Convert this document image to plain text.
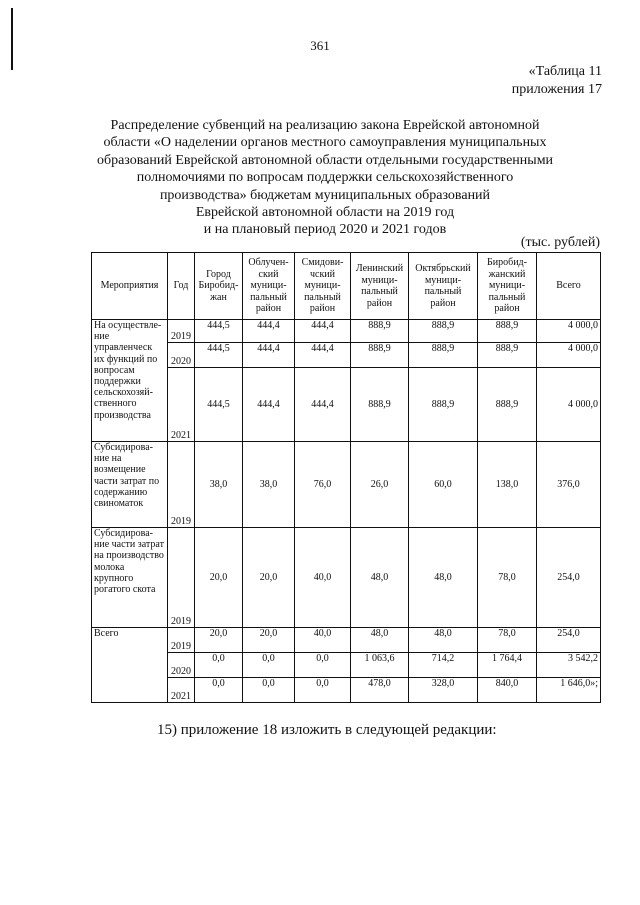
361
«Таблица 11
приложения 17
Распределение субвенций на реализацию закона Еврейской автономной
области «О наделении органов местного самоуправления муниципальных
образований Еврейской автономной области отдельными государственными
полномочиями по вопросам поддержки сельскохозяйственного
производства» бюджетам муниципальных образований
Еврейской автономной области на 2019 год
и на плановый период 2020 и 2021 годов
(тыс. рублей)
Мероприятия	Год	Город Биробид-жан	Облучен-ский муници-пальный район	Смидови-чский муници-пальный район	Ленинский муници-пальный район	Октябрьский муници-пальный район	Биробид-жанский муници-пальный район	Всего
На осуществле-ние управленческ их функций по вопросам поддержки сельскохозяй-ственного производства	2019	444,5	444,4	444,4	888,9	888,9	888,9	4 000,0
	2020	444,5	444,4	444,4	888,9	888,9	888,9	4 000,0
	2021	444,5	444,4	444,4	888,9	888,9	888,9	4 000,0
Субсидирова-ние на возмещение части затрат по содержанию свиноматок	2019	38,0	38,0	76,0	26,0	60,0	138,0	376,0
Субсидирова-ние части затрат на производство молока крупного рогатого скота	2019	20,0	20,0	40,0	48,0	48,0	78,0	254,0
Всего	2019	20,0	20,0	40,0	48,0	48,0	78,0	254,0
	2020	0,0	0,0	0,0	1 063,6	714,2	1 764,4	3 542,2
	2021	0,0	0,0	0,0	478,0	328,0	840,0	1 646,0»;
15) приложение 18 изложить в следующей редакции:
